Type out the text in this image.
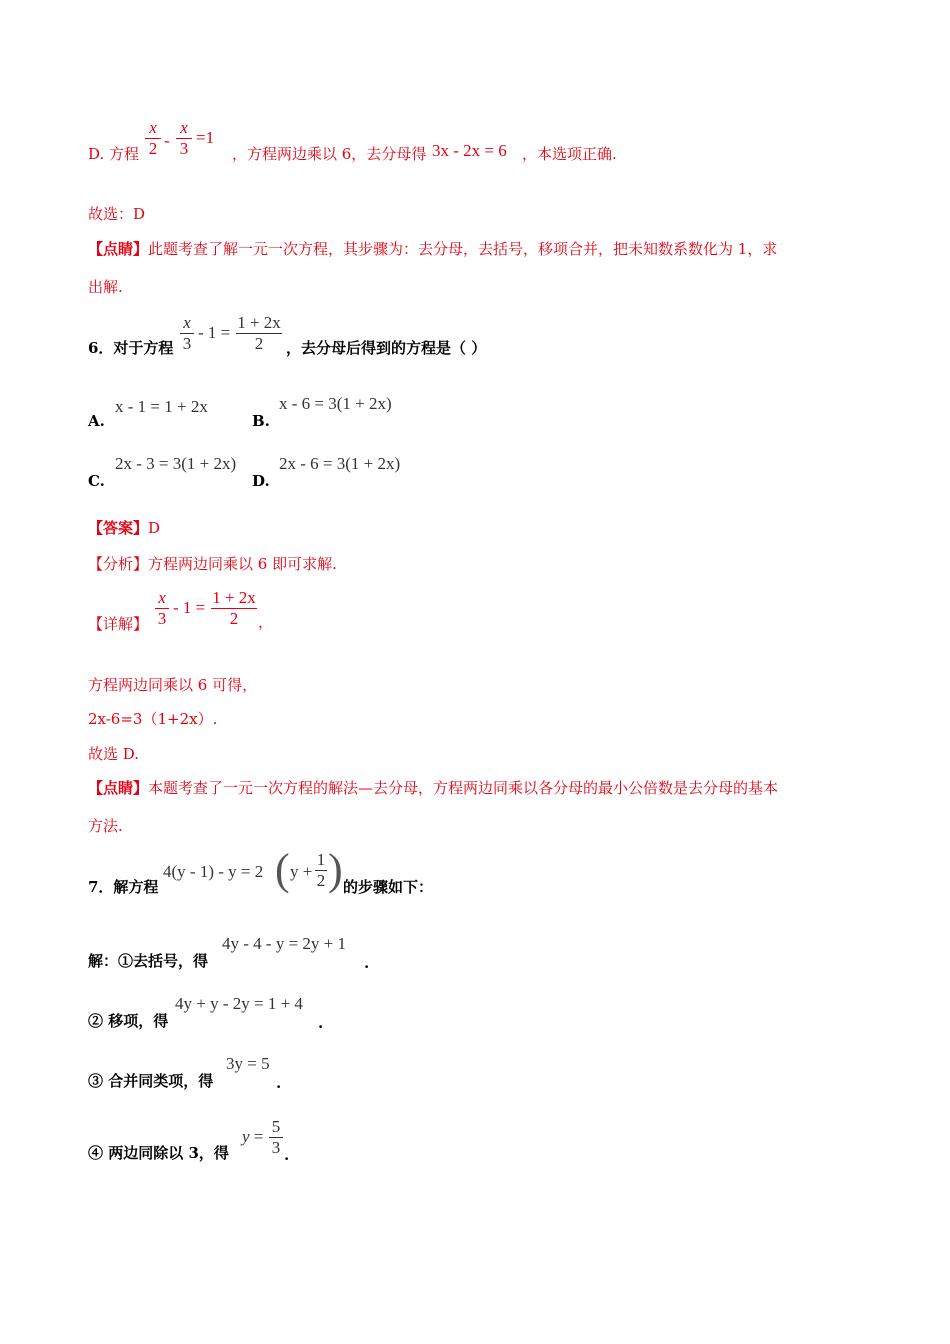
D. 方程
x
2 -
x
3
=1
，方程两边乘以 6，去分母得 3x - 2x = 6 ，本选项正确.
故选：D
【点睛】此题考查了解一元一次方程，其步骤为：去分母，去括号，移项合并，把未知数系数化为 1，求
出解.
6．对于方程
x
3
- 1 =
1 + 2x
2	，去分母后得到的方程是（ ）
A.
x - 1 = 1 + 2x
B.
x - 6 = 3(1 + 2x)
C.
2x - 3 = 3(1 + 2x)
D.
2x - 6 = 3(1 + 2x)
【答案】D
【分析】方程两边同乘以 6 即可求解.
【详解】
x
3
- 1 =
1 + 2x
2	，
方程两边同乘以 6 可得，
2x-6=3（1+2x）.
故选 D.
【点睛】本题考查了一元一次方程的解法—去分母，方程两边同乘以各分母的最小公倍数是去分母的基本
方法.
7．解方程
4(y - 1) - y = 2 ( y +
1
2 ) 的步骤如下：
解：①去括号，得
4y - 4 - y = 2y + 1
.
② 移项，得
4y + y - 2y = 1 + 4
.
③ 合并同类项，得
3y = 5
.
④ 两边同除以 3，得
y =
5
3 .
